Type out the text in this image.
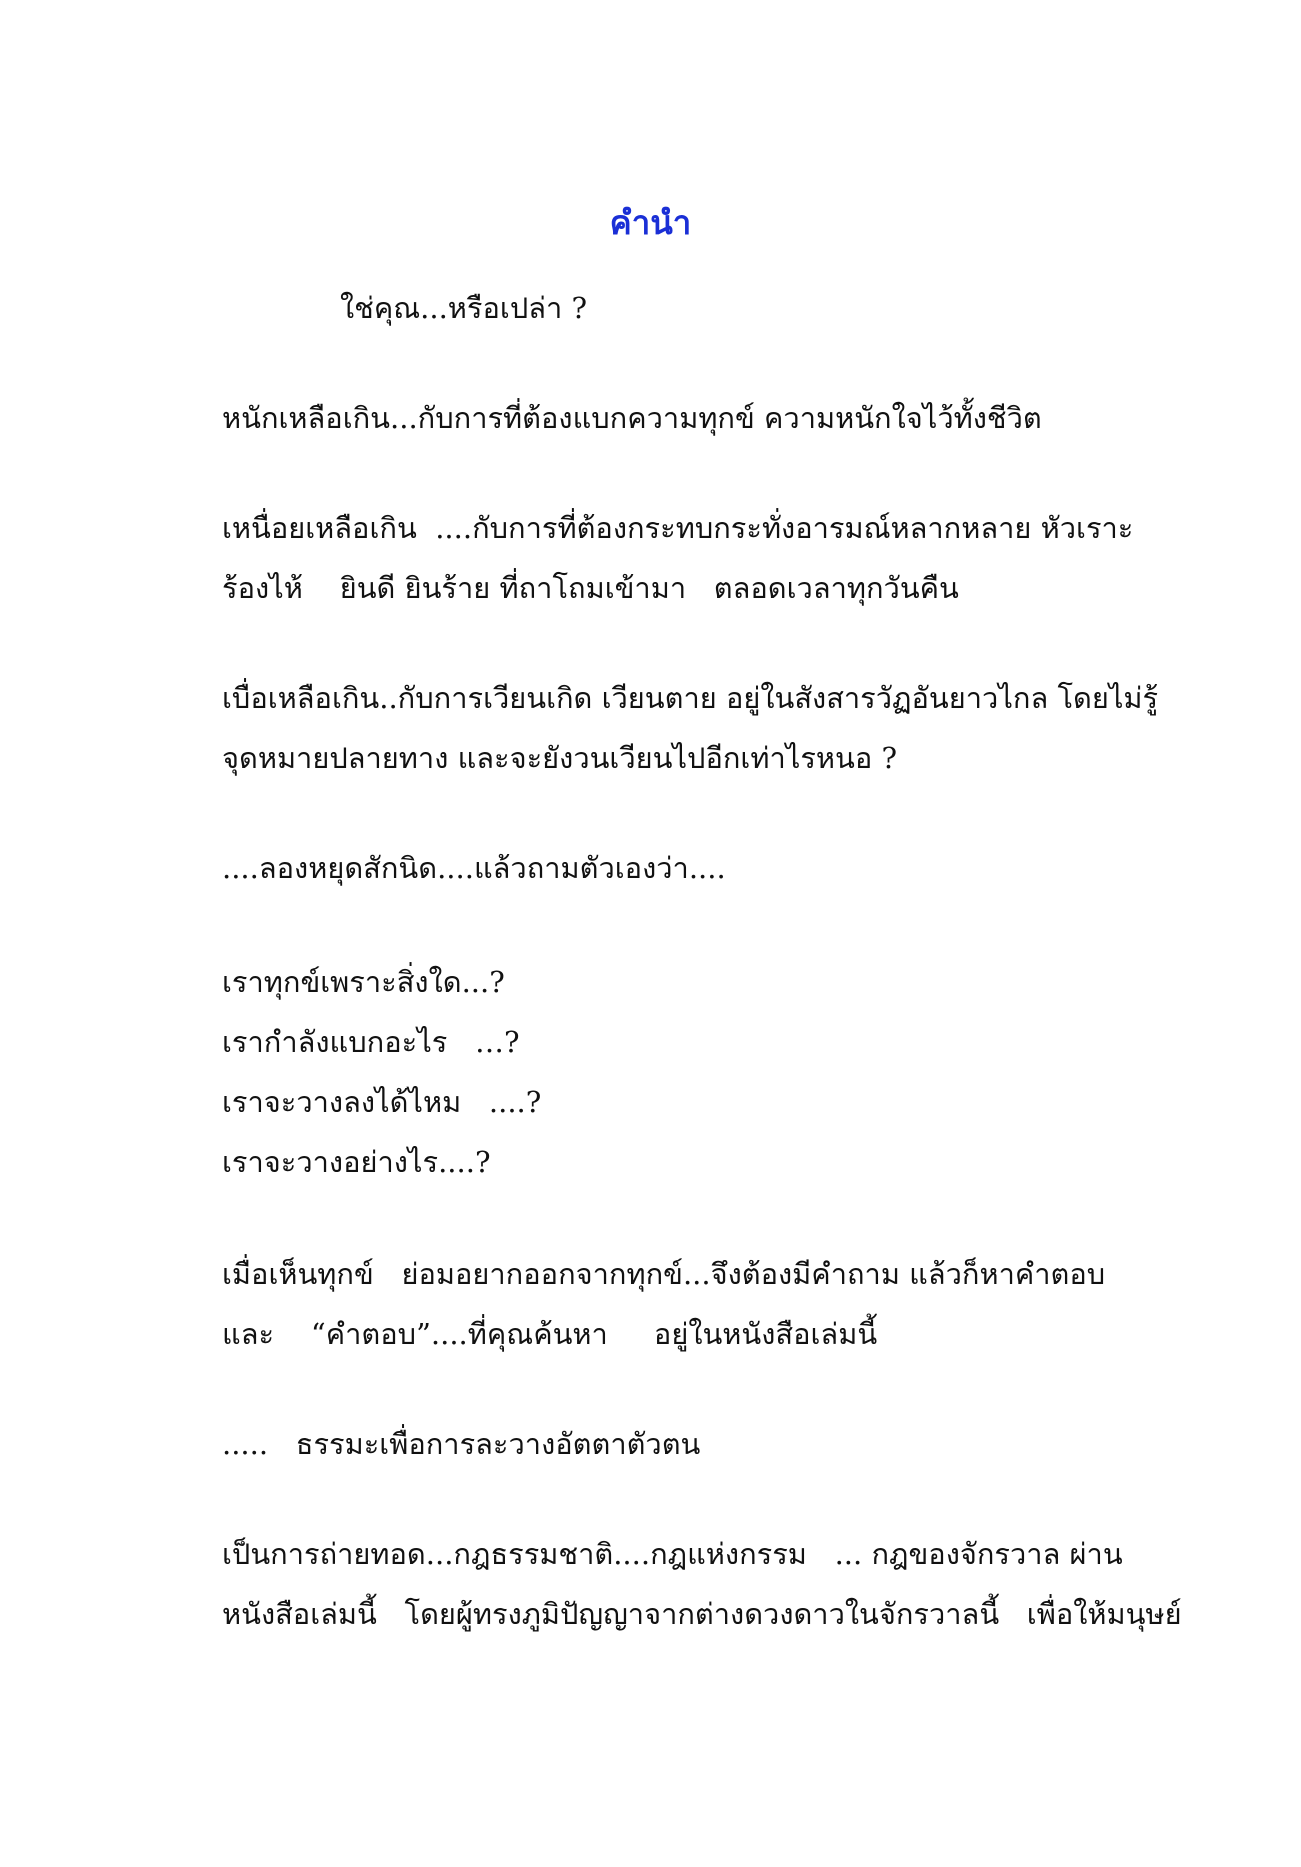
คำนำ
ใช่คุณ...หรือเปล่า ?
หนักเหลือเกิน...กับการที่ต้องแบกความทุกข์ ความหนักใจไว้ทั้งชีวิต
เหนื่อยเหลือเกิน  ....กับการที่ต้องกระทบกระทั่งอารมณ์หลากหลาย หัวเราะ
ร้องไห้    ยินดี ยินร้าย ที่ถาโถมเข้ามา   ตลอดเวลาทุกวันคืน
เบื่อเหลือเกิน..กับการเวียนเกิด เวียนตาย อยู่ในสังสารวัฏอันยาวไกล โดยไม่รู้
จุดหมายปลายทาง และจะยังวนเวียนไปอีกเท่าไรหนอ ?
....ลองหยุดสักนิด....แล้วถามตัวเองว่า....
เราทุกข์เพราะสิ่งใด...?
เรากำลังแบกอะไร   …?
เราจะวางลงได้ไหม   ....?
เราจะวางอย่างไร....?
เมื่อเห็นทุกข์   ย่อมอยากออกจากทุกข์...จึงต้องมีคำถาม แล้วก็หาคำตอบ
และ    “คำตอบ”....ที่คุณค้นหา     อยู่ในหนังสือเล่มนี้
.....   ธรรมะเพื่อการละวางอัตตาตัวตน
เป็นการถ่ายทอด...กฎธรรมชาติ....กฎแห่งกรรม   ... กฎของจักรวาล ผ่าน
หนังสือเล่มนี้   โดยผู้ทรงภูมิปัญญาจากต่างดวงดาวในจักรวาลนี้   เพื่อให้มนุษย์
